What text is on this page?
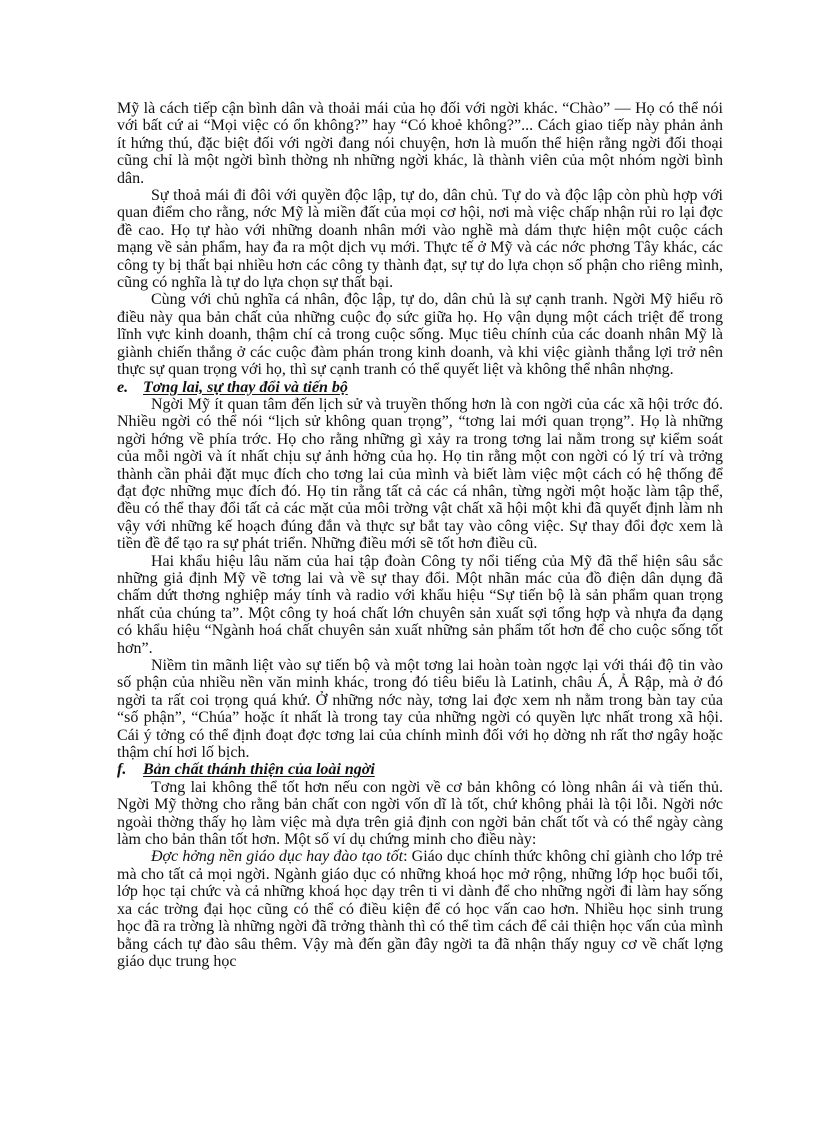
Mỹ là cách tiếp cận bình dân và thoải mái của họ đối với ngời khác. “Chào” — Họ có thể nói với bất cứ ai “Mọi việc có ổn không?” hay “Có khoẻ không?”... Cách giao tiếp này phản ảnh ít hứng thú, đặc biệt đối với ngời đang nói chuyện, hơn là muốn thể hiện rằng ngời đối thoại cũng chỉ là một ngời bình thờng nh những ngời khác, là thành viên của một nhóm ngời bình dân.

Sự thoả mái đi đôi với quyền độc lập, tự do, dân chủ. Tự do và độc lập còn phù hợp với quan điểm cho rằng, nớc Mỹ là miền đất của mọi cơ hội, nơi mà việc chấp nhận rủi ro lại đợc đề cao. Họ tự hào với những doanh nhân mới vào nghề mà dám thực hiện một cuộc cách mạng về sản phẩm, hay đa ra một dịch vụ mới. Thực tế ở Mỹ và các nớc phơng Tây khác, các công ty bị thất bại nhiều hơn các công ty thành đạt, sự tự do lựa chọn số phận cho riêng mình, cũng có nghĩa là tự do lựa chọn sự thất bại.

Cùng với chủ nghĩa cá nhân, độc lập, tự do, dân chủ là sự cạnh tranh. Ngời Mỹ hiểu rõ điều này qua bản chất của những cuộc đọ sức giữa họ. Họ vận dụng một cách triệt để trong lĩnh vực kinh doanh, thậm chí cả trong cuộc sống. Mục tiêu chính của các doanh nhân Mỹ là giành chiến thắng ở các cuộc đàm phán trong kinh doanh, và khi việc giành thắng lợi trở nên thực sự quan trọng với họ, thì sự cạnh tranh có thể quyết liệt và không thể nhân nhợng.

e. Tơng lai, sự thay đổi và tiến bộ

Ngời Mỹ ít quan tâm đến lịch sử và truyền thống hơn là con ngời của các xã hội trớc đó. Nhiều ngời có thể nói “lịch sử không quan trọng”, “tơng lai mới quan trọng”. Họ là những ngời hớng về phía trớc. Họ cho rằng những gì xảy ra trong tơng lai nằm trong sự kiểm soát của mỗi ngời và ít nhất chịu sự ảnh hởng của họ. Họ tin rằng một con ngời có lý trí và trởng thành cần phải đặt mục đích cho tơng lai của mình và biết làm việc một cách có hệ thống để đạt đợc những mục đích đó. Họ tin rằng tất cả các cá nhân, từng ngời một hoặc làm tập thể, đều có thể thay đổi tất cả các mặt của môi trờng vật chất xã hội một khi đã quyết định làm nh vậy với những kế hoạch đúng đắn và thực sự bắt tay vào công việc. Sự thay đổi đợc xem là tiền đề để tạo ra sự phát triển. Những điều mới sẽ tốt hơn điều cũ.

Hai khẩu hiệu lâu năm của hai tập đoàn Công ty nổi tiếng của Mỹ đã thể hiện sâu sắc những giả định Mỹ về tơng lai và về sự thay đổi. Một nhãn mác của đồ điện dân dụng đã chấm dứt thơng nghiệp máy tính và radio với khẩu hiệu “Sự tiến bộ là sản phẩm quan trọng nhất của chúng ta”. Một công ty hoá chất lớn chuyên sản xuất sợi tổng hợp và nhựa đa dạng có khẩu hiệu “Ngành hoá chất chuyên sản xuất những sản phẩm tốt hơn để cho cuộc sống tốt hơn”.

Niềm tin mãnh liệt vào sự tiến bộ và một tơng lai hoàn toàn ngợc lại với thái độ tin vào số phận của nhiều nền văn minh khác, trong đó tiêu biểu là Latinh, châu Á, Ả Rập, mà ở đó ngời ta rất coi trọng quá khứ. Ở những nớc này, tơng lai đợc xem nh nằm trong bàn tay của “số phận”, “Chúa” hoặc ít nhất là trong tay của những ngời có quyền lực nhất trong xã hội. Cái ý tởng có thể định đoạt đợc tơng lai của chính mình đối với họ dờng nh rất thơ ngây hoặc thậm chí hơi lố bịch.

f. Bản chất thánh thiện của loài ngời

Tơng lai không thể tốt hơn nếu con ngời về cơ bản không có lòng nhân ái và tiến thủ. Ngời Mỹ thờng cho rằng bản chất con ngời vốn dĩ là tốt, chứ không phải là tội lỗi. Ngời nớc ngoài thờng thấy họ làm việc mà dựa trên giả định con ngời bản chất tốt và có thể ngày càng làm cho bản thân tốt hơn. Một số ví dụ chứng minh cho điều này:

Đợc hởng nền giáo dục hay đào tạo tốt: Giáo dục chính thức không chỉ giành cho lớp trẻ mà cho tất cả mọi ngời. Ngành giáo dục có những khoá học mở rộng, những lớp học buổi tối, lớp học tại chức và cả những khoá học dạy trên ti vi dành để cho những ngời đi làm hay sống xa các trờng đại học cũng có thể có điều kiện để có học vấn cao hơn. Nhiều học sinh trung học đã ra trờng là những ngời đã trởng thành thì có thể tìm cách để cải thiện học vấn của mình bằng cách tự đào sâu thêm. Vậy mà đến gần đây ngời ta đã nhận thấy nguy cơ về chất lợng giáo dục trung học
